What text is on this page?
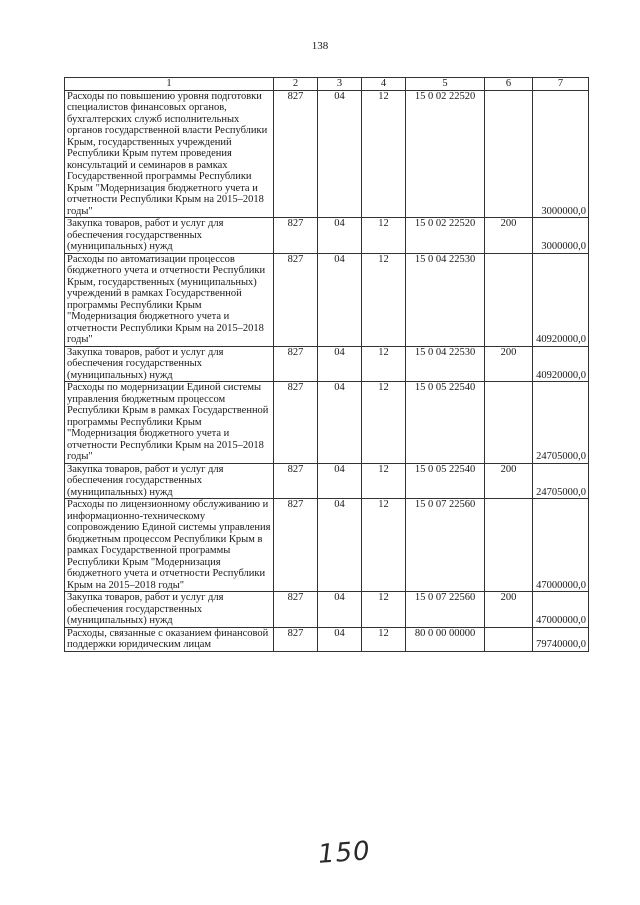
138
1	2	3	4	5	6	7
Расходы по повышению уровня подготовки специалистов финансовых органов, бухгалтерских служб исполнительных органов государственной власти Республики Крым, государственных учреждений Республики Крым путем проведения консультаций и семинаров в рамках Государственной программы Республики Крым "Модернизация бюджетного учета и отчетности Республики Крым на 2015–2018 годы"	827	04	12	15 0 02 22520		3000000,0
Закупка товаров, работ и услуг для обеспечения государственных (муниципальных) нужд	827	04	12	15 0 02 22520	200	3000000,0
Расходы по автоматизации процессов бюджетного учета и отчетности Республики Крым, государственных (муниципальных) учреждений в рамках Государственной программы Республики Крым "Модернизация бюджетного учета и отчетности Республики Крым на 2015–2018 годы"	827	04	12	15 0 04 22530		40920000,0
Закупка товаров, работ и услуг для обеспечения государственных (муниципальных) нужд	827	04	12	15 0 04 22530	200	40920000,0
Расходы по модернизации Единой системы управления бюджетным процессом Республики Крым в рамках Государственной программы Республики Крым "Модернизация бюджетного учета и отчетности Республики Крым на 2015–2018 годы"	827	04	12	15 0 05 22540		24705000,0
Закупка товаров, работ и услуг для обеспечения государственных (муниципальных) нужд	827	04	12	15 0 05 22540	200	24705000,0
Расходы по лицензионному обслуживанию и информационно-техническому сопровождению Единой системы управления бюджетным процессом Республики Крым в рамках Государственной программы Республики Крым "Модернизация бюджетного учета и отчетности Республики Крым на 2015–2018 годы"	827	04	12	15 0 07 22560		47000000,0
Закупка товаров, работ и услуг для обеспечения государственных (муниципальных) нужд	827	04	12	15 0 07 22560	200	47000000,0
Расходы, связанные с оказанием финансовой поддержки юридическим лицам	827	04	12	80 0 00 00000		79740000,0
150
